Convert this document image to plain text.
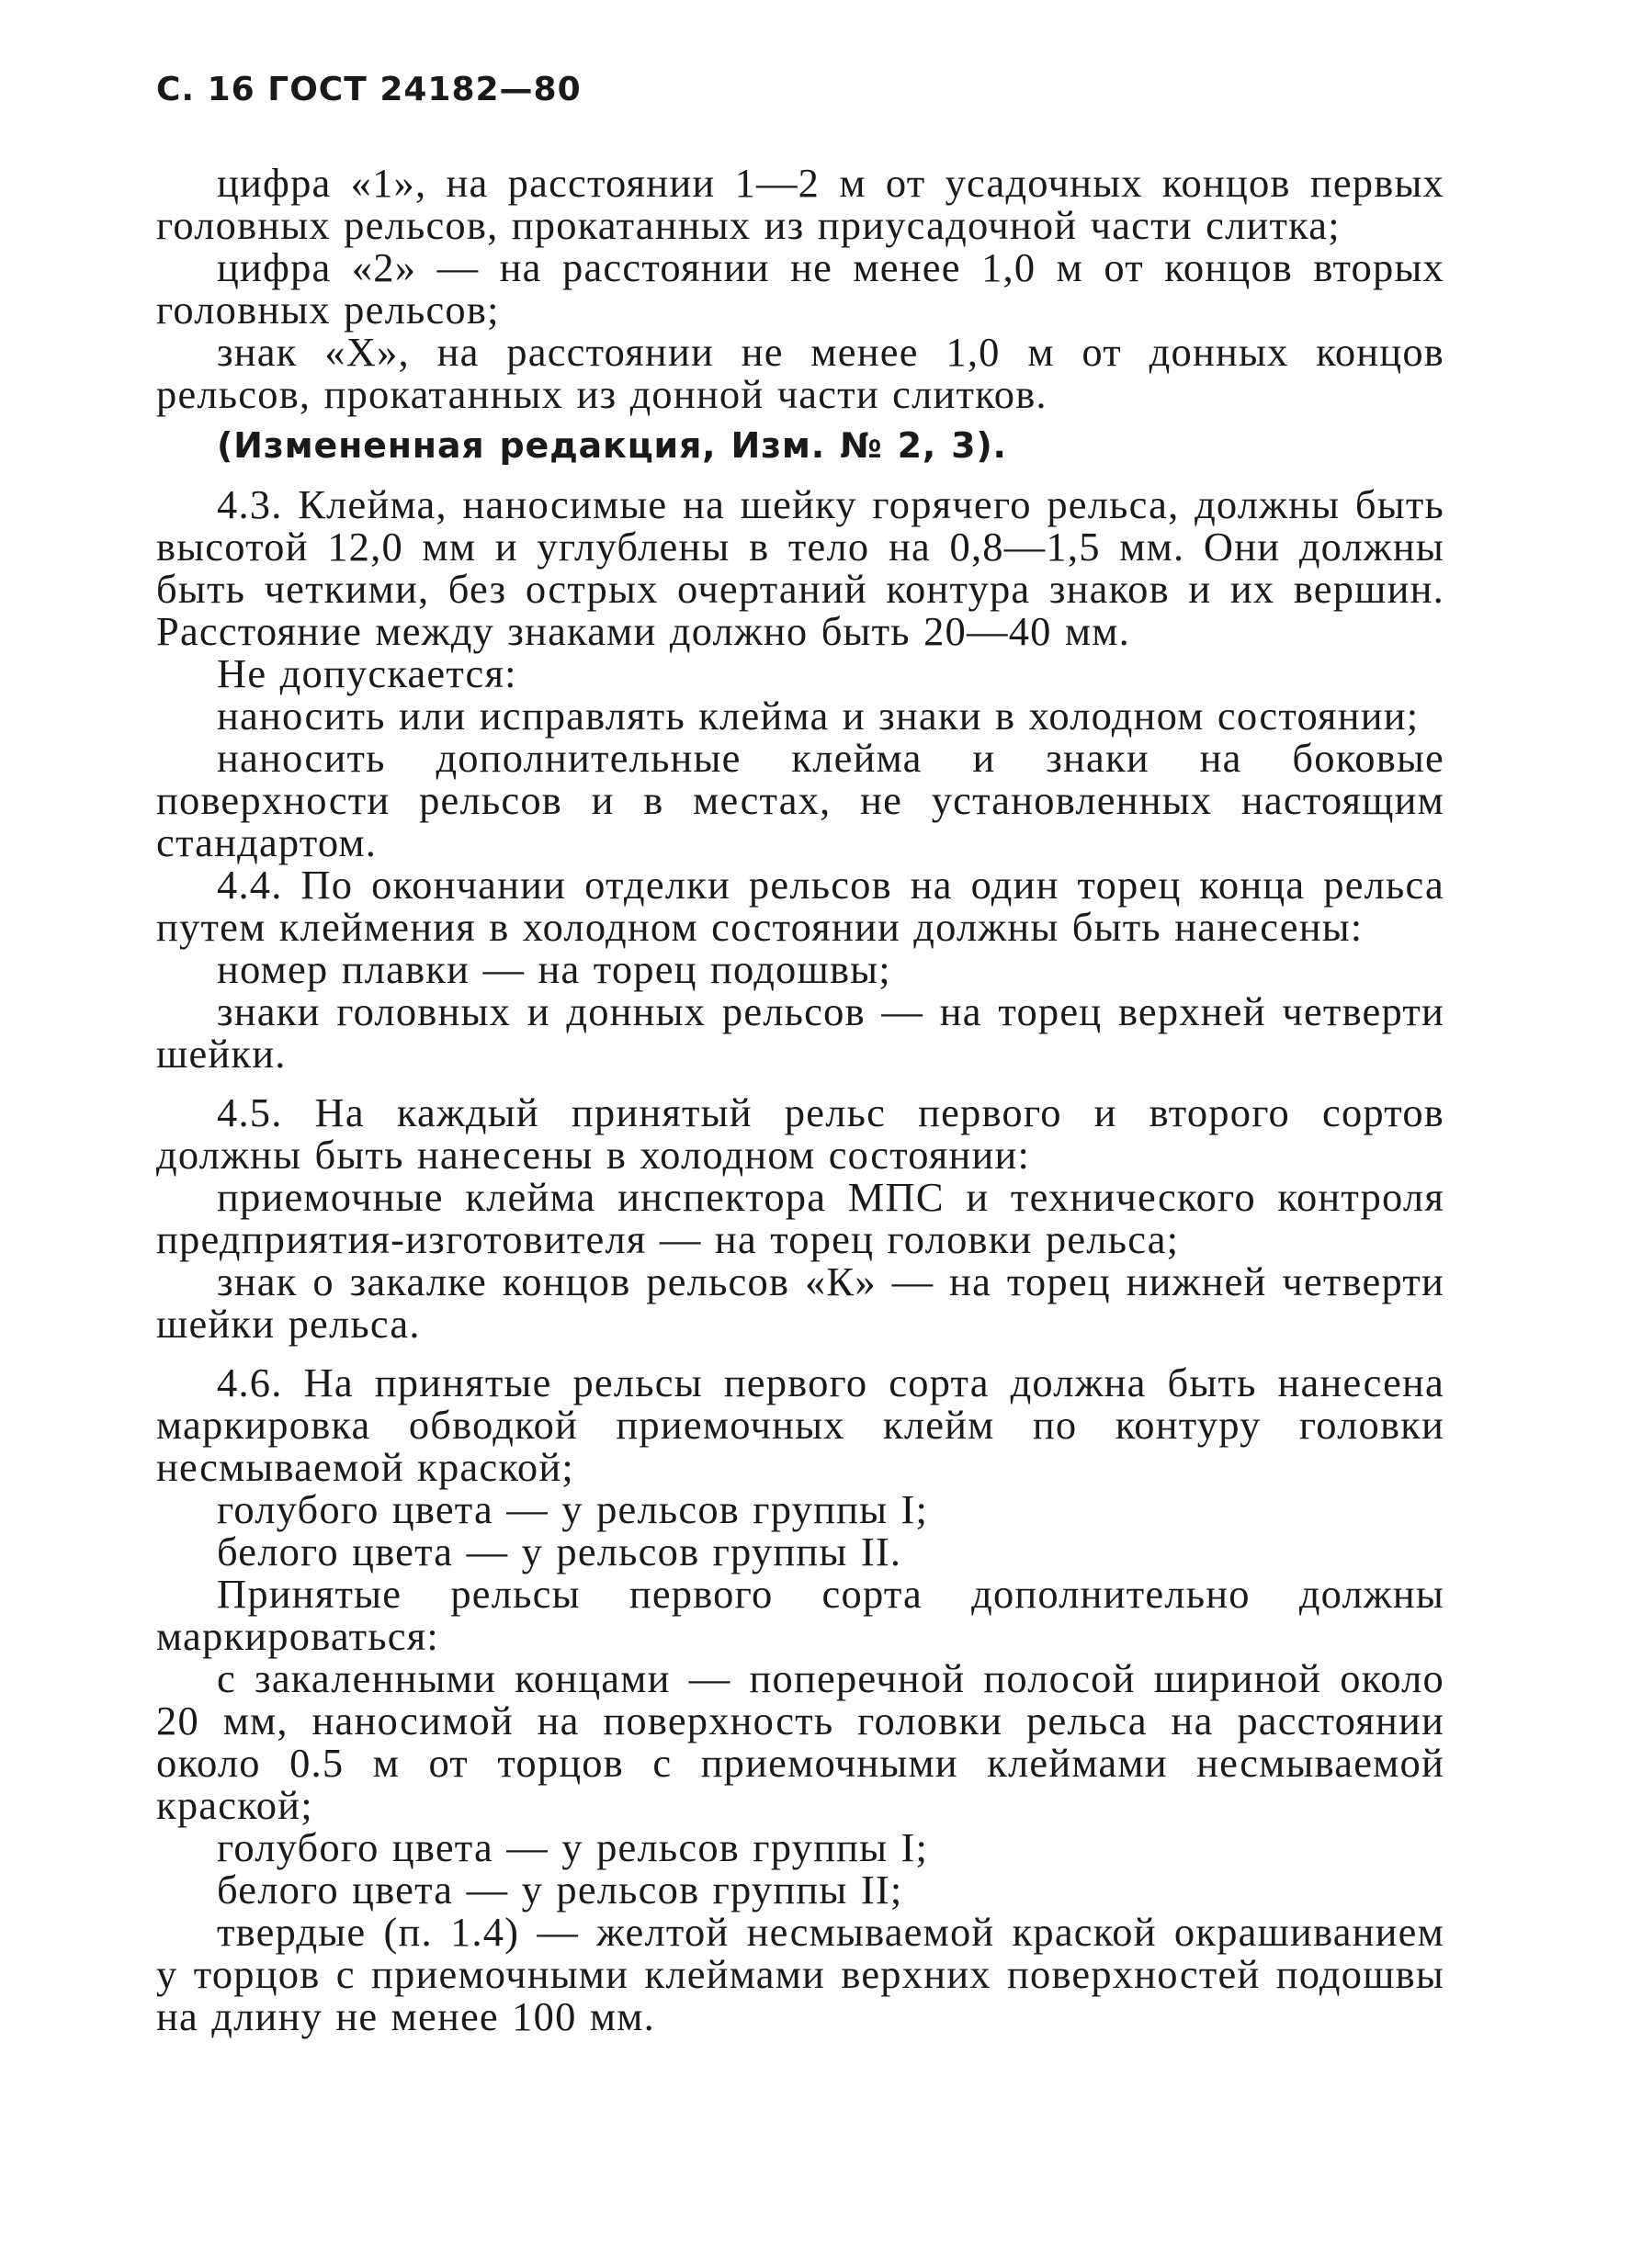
С. 16 ГОСТ 24182—80

цифра «1», на расстоянии 1—2 м от усадочных концов первых головных рельсов, прокатанных из приусадочной части слитка;

цифра «2» — на расстоянии не менее 1,0 м от концов вторых головных рельсов;

знак «Х», на расстоянии не менее 1,0 м от донных концов рельсов, прокатанных из донной части слитков.

(Измененная редакция, Изм. № 2, 3).

4.3. Клейма, наносимые на шейку горячего рельса, должны быть высотой 12,0 мм и углублены в тело на 0,8—1,5 мм. Они должны быть четкими, без острых очертаний контура знаков и их вершин. Расстояние между знаками должно быть 20—40 мм.

Не допускается:

наносить или исправлять клейма и знаки в холодном состоянии;

наносить дополнительные клейма и знаки на боковые поверхности рельсов и в местах, не установленных настоящим стандартом.

4.4. По окончании отделки рельсов на один торец конца рельса путем клеймения в холодном состоянии должны быть нанесены:

номер плавки — на торец подошвы;

знаки головных и донных рельсов — на торец верхней четверти шейки.

4.5. На каждый принятый рельс первого и второго сортов должны быть нанесены в холодном состоянии:

приемочные клейма инспектора МПС и технического контроля предприятия-изготовителя — на торец головки рельса;

знак о закалке концов рельсов «К» — на торец нижней четверти шейки рельса.

4.6. На принятые рельсы первого сорта должна быть нанесена маркировка обводкой приемочных клейм по контуру головки несмываемой краской;

голубого цвета — у рельсов группы I;

белого цвета — у рельсов группы II.

Принятые рельсы первого сорта дополнительно должны маркироваться:

с закаленными концами — поперечной полосой шириной около 20 мм, наносимой на поверхность головки рельса на расстоянии около 0.5 м от торцов с приемочными клеймами несмываемой краской;

голубого цвета — у рельсов группы I;

белого цвета — у рельсов группы II;

твердые (п. 1.4) — желтой несмываемой краской окрашиванием у торцов с приемочными клеймами верхних поверхностей подошвы на длину не менее 100 мм.
